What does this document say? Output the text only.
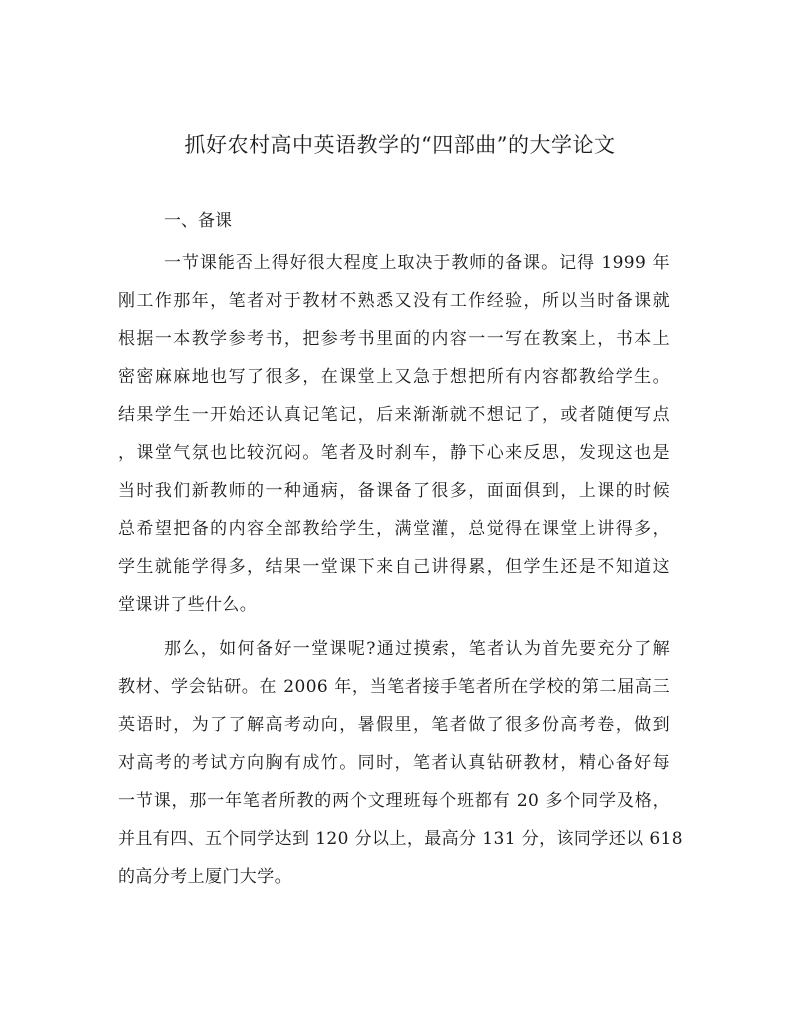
抓好农村高中英语教学的“四部曲”的大学论文
一、备课
一节课能否上得好很大程度上取决于教师的备课。记得 1999 年
刚工作那年，笔者对于教材不熟悉又没有工作经验，所以当时备课就
根据一本教学参考书，把参考书里面的内容一一写在教案上，书本上
密密麻麻地也写了很多，在课堂上又急于想把所有内容都教给学生。
结果学生一开始还认真记笔记，后来渐渐就不想记了，或者随便写点
，课堂气氛也比较沉闷。笔者及时刹车，静下心来反思，发现这也是
当时我们新教师的一种通病，备课备了很多，面面俱到，上课的时候
总希望把备的内容全部教给学生，满堂灌，总觉得在课堂上讲得多，
学生就能学得多，结果一堂课下来自己讲得累，但学生还是不知道这
堂课讲了些什么。
那么，如何备好一堂课呢?通过摸索，笔者认为首先要充分了解
教材、学会钻研。在 2006 年，当笔者接手笔者所在学校的第二届高三
英语时，为了了解高考动向，暑假里，笔者做了很多份高考卷，做到
对高考的考试方向胸有成竹。同时，笔者认真钻研教材，精心备好每
一节课，那一年笔者所教的两个文理班每个班都有 20 多个同学及格，
并且有四、五个同学达到 120 分以上，最高分 131 分，该同学还以 618
的高分考上厦门大学。
